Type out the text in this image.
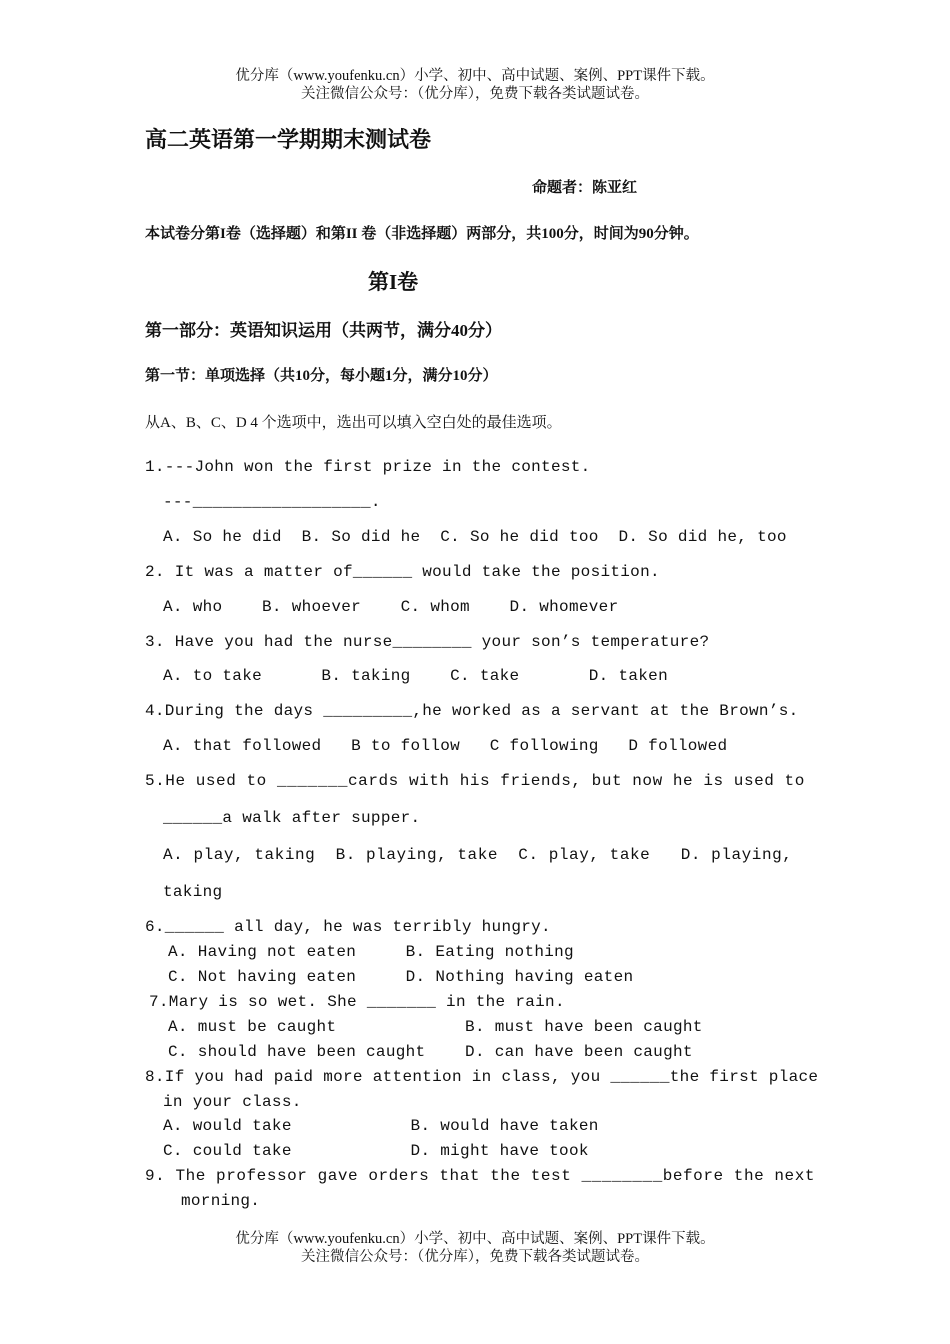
优分库（www.youfenku.cn）小学、初中、高中试题、案例、PPT课件下载。
关注微信公众号：（优分库），免费下载各类试题试卷。
高二英语第一学期期末测试卷
命题者：陈亚红
本试卷分第I卷（选择题）和第II 卷（非选择题）两部分，共100分，时间为90分钟。
第I卷
第一部分：英语知识运用（共两节，满分40分）
第一节：单项选择（共10分，每小题1分，满分10分）
从A、B、C、D 4 个选项中，选出可以填入空白处的最佳选项。
1.---John won the first prize in the contest.
---__________________.
A. So he did  B. So did he  C. So he did too  D. So did he, too
2. It was a matter of______ would take the position.
A. who    B. whoever    C. whom    D. whomever
3. Have you had the nurse________ your son’s temperature?
A. to take      B. taking    C. take       D. taken
4.During the days _________,he worked as a servant at the Brown’s.
A. that followed   B to follow   C following   D followed
5.He used to _______cards with his friends, but now he is used to
______a walk after supper.
A. play, taking  B. playing, take  C. play, take   D. playing,
taking
6.______ all day, he was terribly hungry.
A. Having not eaten     B. Eating nothing
C. Not having eaten     D. Nothing having eaten
7.Mary is so wet. She _______ in the rain.
A. must be caught             B. must have been caught
C. should have been caught    D. can have been caught
8.If you had paid more attention in class, you ______the first place
in your class.
A. would take            B. would have taken
C. could take            D. might have took
9. The professor gave orders that the test ________before the next
morning.
优分库（www.youfenku.cn）小学、初中、高中试题、案例、PPT课件下载。
关注微信公众号：（优分库），免费下载各类试题试卷。
